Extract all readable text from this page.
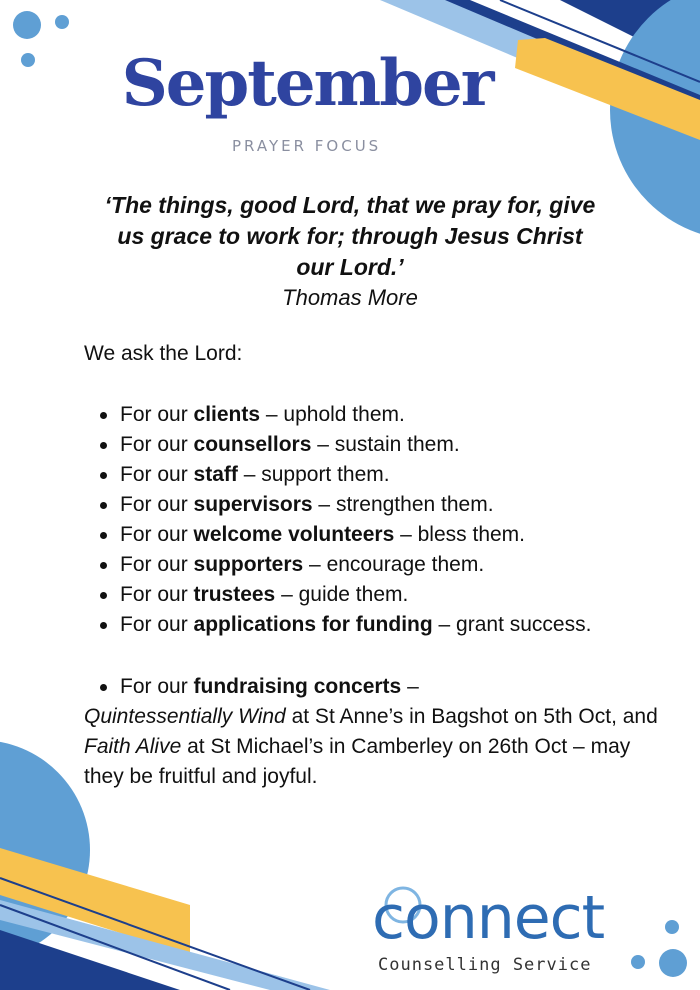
September
PRAYER FOCUS
‘The things, good Lord, that we pray for, give
us grace to work for; through Jesus Christ
our Lord.’
Thomas More
We ask the Lord:
For our clients – uphold them.
For our counsellors – sustain them.
For our staff – support them.
For our supervisors – strengthen them.
For our welcome volunteers – bless them.
For our supporters – encourage them.
For our trustees – guide them.
For our applications for funding – grant success.
For our fundraising concerts –
Quintessentially Wind at St Anne’s in Bagshot on 5th Oct, and Faith Alive at St Michael’s in Camberley on 26th Oct – may they be fruitful and joyful.
connect
Counselling Service
